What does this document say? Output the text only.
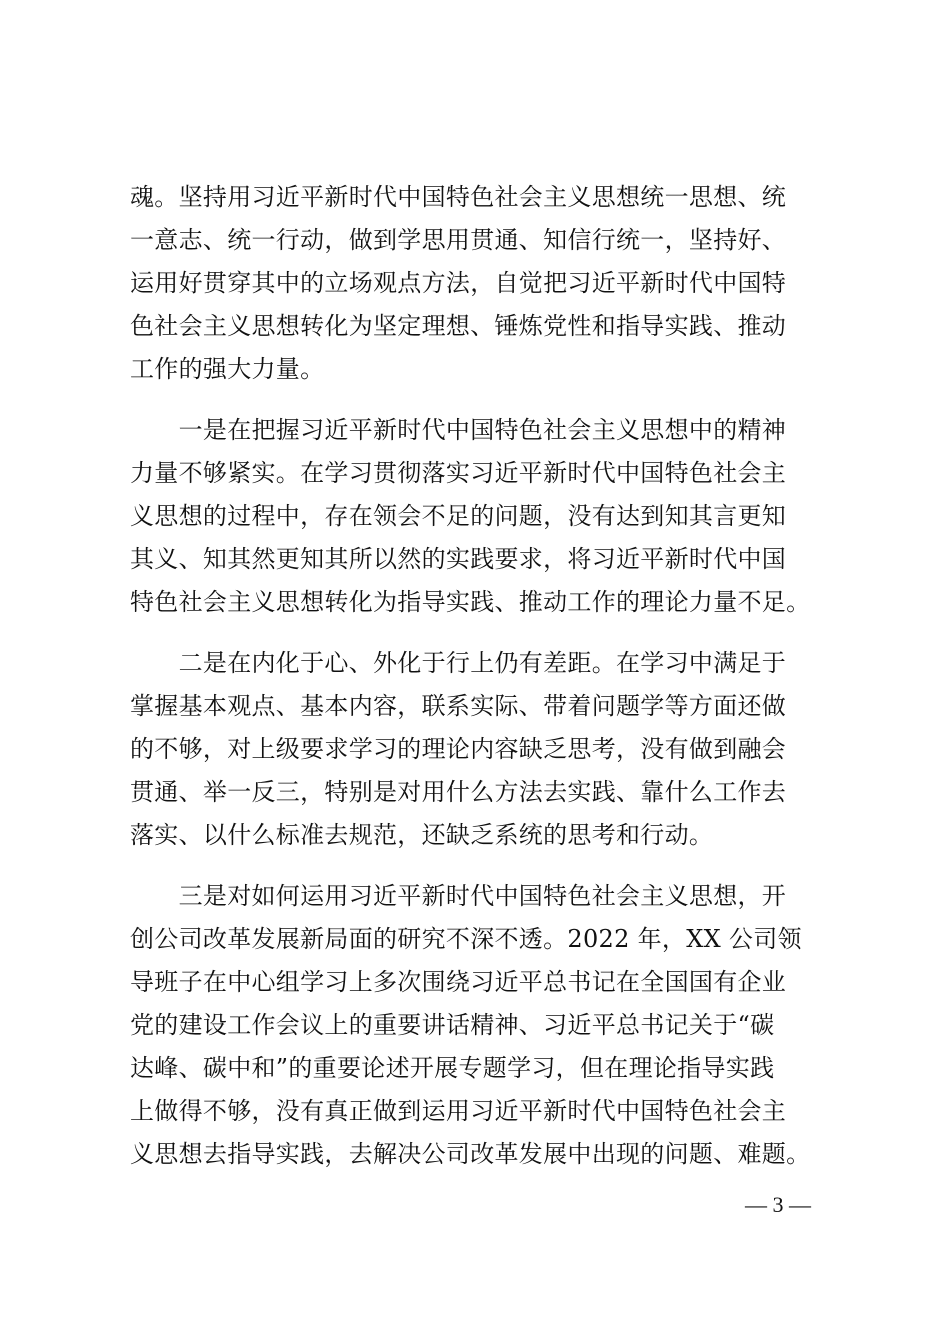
魂。坚持用习近平新时代中国特色社会主义思想统一思想、统
一意志、统一行动，做到学思用贯通、知信行统一，坚持好、
运用好贯穿其中的立场观点方法，自觉把习近平新时代中国特
色社会主义思想转化为坚定理想、锤炼党性和指导实践、推动
工作的强大力量。
　　一是在把握习近平新时代中国特色社会主义思想中的精神
力量不够紧实。在学习贯彻落实习近平新时代中国特色社会主
义思想的过程中，存在领会不足的问题，没有达到知其言更知
其义、知其然更知其所以然的实践要求，将习近平新时代中国
特色社会主义思想转化为指导实践、推动工作的理论力量不足。
　　二是在内化于心、外化于行上仍有差距。在学习中满足于
掌握基本观点、基本内容，联系实际、带着问题学等方面还做
的不够，对上级要求学习的理论内容缺乏思考，没有做到融会
贯通、举一反三，特别是对用什么方法去实践、靠什么工作去
落实、以什么标准去规范，还缺乏系统的思考和行动。
　　三是对如何运用习近平新时代中国特色社会主义思想，开
创公司改革发展新局面的研究不深不透。2022 年，XX 公司领
导班子在中心组学习上多次围绕习近平总书记在全国国有企业
党的建设工作会议上的重要讲话精神、习近平总书记关于“碳
达峰、碳中和”的重要论述开展专题学习，但在理论指导实践
上做得不够，没有真正做到运用习近平新时代中国特色社会主
义思想去指导实践，去解决公司改革发展中出现的问题、难题。
— 3 —
